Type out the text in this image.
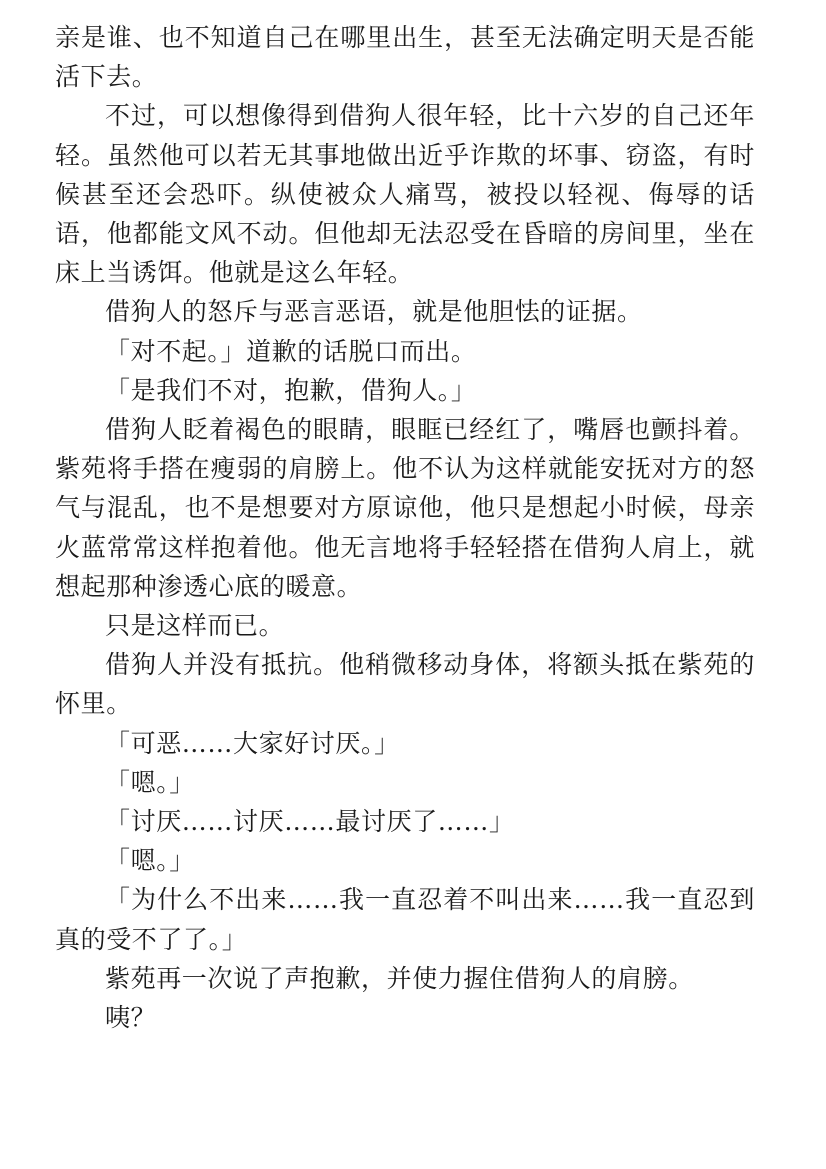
亲是谁、也不知道自己在哪里出生，甚至无法确定明天是否能活下去。

不过，可以想像得到借狗人很年轻，比十六岁的自己还年轻。虽然他可以若无其事地做出近乎诈欺的坏事、窃盗，有时候甚至还会恐吓。纵使被众人痛骂，被投以轻视、侮辱的话语，他都能文风不动。但他却无法忍受在昏暗的房间里，坐在床上当诱饵。他就是这么年轻。

借狗人的怒斥与恶言恶语，就是他胆怯的证据。

「对不起。」道歉的话脱口而出。

「是我们不对，抱歉，借狗人。」

借狗人眨着褐色的眼睛，眼眶已经红了，嘴唇也颤抖着。紫苑将手搭在瘦弱的肩膀上。他不认为这样就能安抚对方的怒气与混乱，也不是想要对方原谅他，他只是想起小时候，母亲火蓝常常这样抱着他。他无言地将手轻轻搭在借狗人肩上，就想起那种渗透心底的暖意。

只是这样而已。

借狗人并没有抵抗。他稍微移动身体，将额头抵在紫苑的怀里。

「可恶……大家好讨厌。」

「嗯。」

「讨厌……讨厌……最讨厌了……」

「嗯。」

「为什么不出来……我一直忍着不叫出来……我一直忍到真的受不了了。」

紫苑再一次说了声抱歉，并使力握住借狗人的肩膀。

咦？
